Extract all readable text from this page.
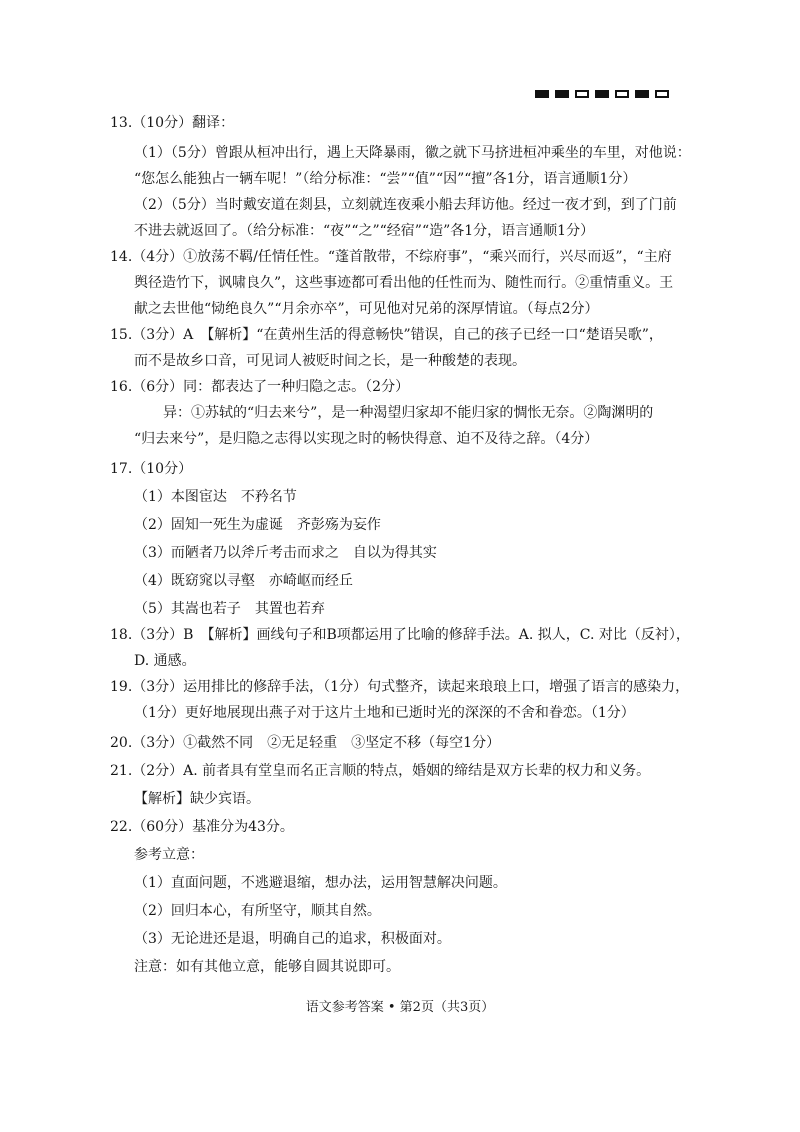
13.（10分）翻译：
（1）（5分）曾跟从桓冲出行，遇上天降暴雨，徽之就下马挤进桓冲乘坐的车里，对他说：
“您怎么能独占一辆车呢！”（给分标准：“尝”“值”“因”“擅”各1分，语言通顺1分）
（2）（5分）当时戴安道在剡县，立刻就连夜乘小船去拜访他。经过一夜才到，到了门前
不进去就返回了。（给分标准：“夜”“之”“经宿”“造”各1分，语言通顺1分）
14.（4分）①放荡不羁/任情任性。“蓬首散带，不综府事”，“乘兴而行，兴尽而返”，“主府
舆径造竹下，讽啸良久”，这些事迹都可看出他的任性而为、随性而行。②重情重义。王
献之去世他“恸绝良久”“月余亦卒”，可见他对兄弟的深厚情谊。（每点2分）
15.（3分）A　【解析】“在黄州生活的得意畅快”错误，自己的孩子已经一口“楚语吴歌”，
而不是故乡口音，可见词人被贬时间之长，是一种酸楚的表现。
16.（6分）同：都表达了一种归隐之志。（2分）
异：①苏轼的“归去来兮”，是一种渴望归家却不能归家的惆怅无奈。②陶渊明的
“归去来兮”，是归隐之志得以实现之时的畅快得意、迫不及待之辞。（4分）
17.（10分）
（1）本图宦达　不矜名节
（2）固知一死生为虚诞　齐彭殇为妄作
（3）而陋者乃以斧斤考击而求之　自以为得其实
（4）既窈窕以寻壑　亦崎岖而经丘
（5）其嵩也若子　其置也若弃
18.（3分）B　【解析】画线句子和B项都运用了比喻的修辞手法。A. 拟人，C. 对比（反衬），
D. 通感。
19.（3分）运用排比的修辞手法，（1分）句式整齐，读起来琅琅上口，增强了语言的感染力，
（1分）更好地展现出燕子对于这片土地和已逝时光的深深的不舍和眷恋。（1分）
20.（3分）①截然不同　②无足轻重　③坚定不移（每空1分）
21.（2分）A. 前者具有堂皇而名正言顺的特点，婚姻的缔结是双方长辈的权力和义务。
【解析】缺少宾语。
22.（60分）基准分为43分。
参考立意：
（1）直面问题，不逃避退缩，想办法，运用智慧解决问题。
（2）回归本心，有所坚守，顺其自然。
（3）无论进还是退，明确自己的追求，积极面对。
注意：如有其他立意，能够自圆其说即可。
语文参考答案 • 第2页（共3页）
